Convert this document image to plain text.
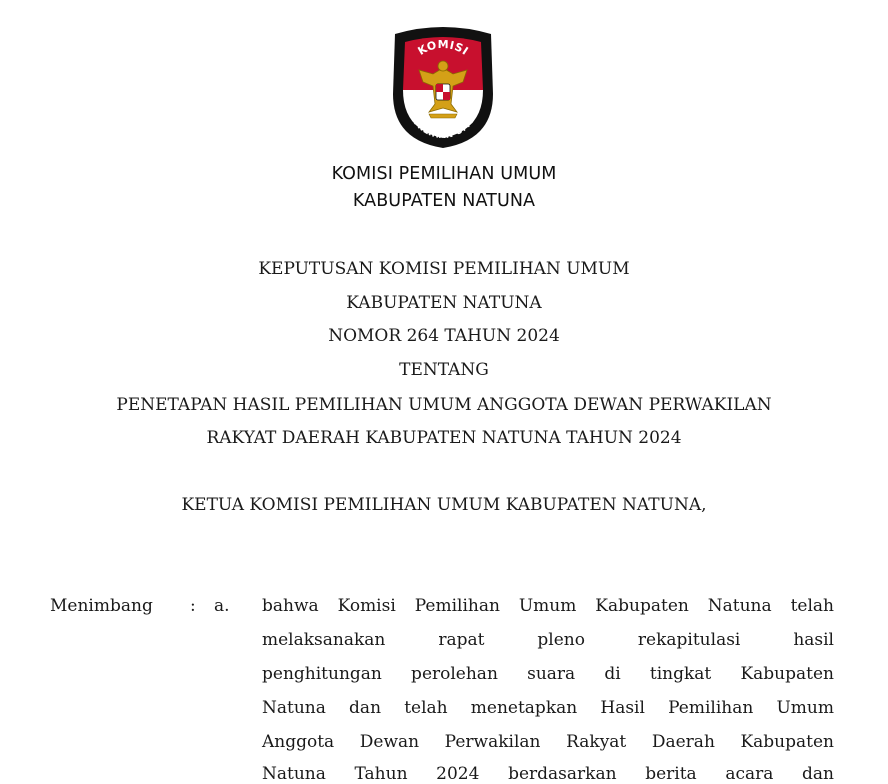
KOMISI
PEMILIHAN UMUM
KOMISI PEMILIHAN UMUM
KABUPATEN NATUNA
KEPUTUSAN KOMISI PEMILIHAN UMUM
KABUPATEN NATUNA
NOMOR 264 TAHUN 2024
TENTANG
PENETAPAN HASIL PEMILIHAN UMUM ANGGOTA DEWAN PERWAKILAN
RAKYAT DAERAH KABUPATEN NATUNA TAHUN 2024
KETUA KOMISI PEMILIHAN UMUM KABUPATEN NATUNA,
Menimbang : a. bahwa Komisi Pemilihan Umum Kabupaten Natuna telah
melaksanakan rapat pleno rekapitulasi hasil
penghitungan perolehan suara di tingkat Kabupaten
Natuna dan telah menetapkan Hasil Pemilihan Umum
Anggota Dewan Perwakilan Rakyat Daerah Kabupaten
Natuna Tahun 2024 berdasarkan berita acara dan
